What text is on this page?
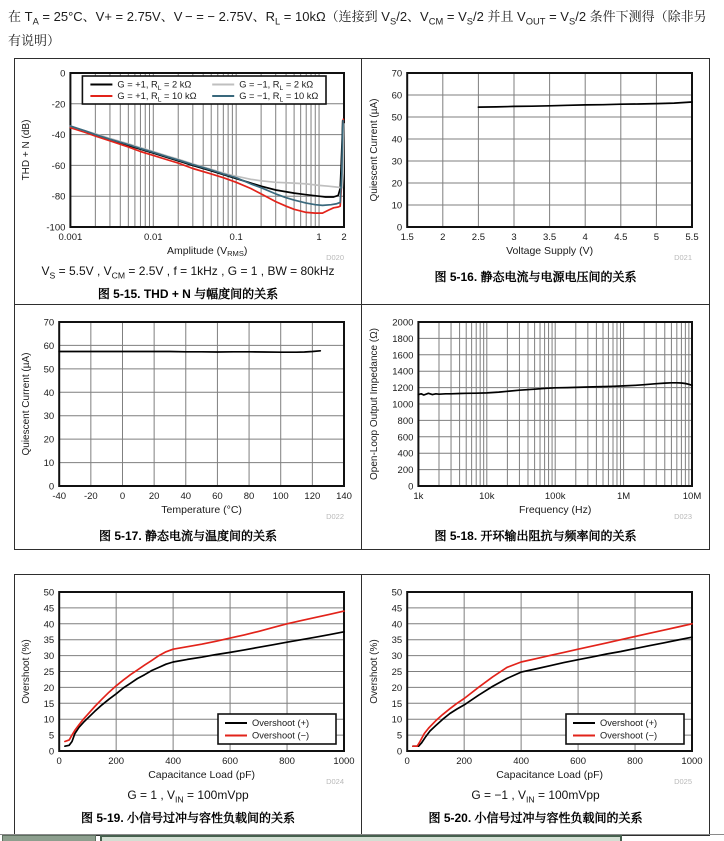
在 $T_A = 25^\circ C$、V+ = 2.75V、V − = − 2.75V、$R_L = 10k\Omega$（连接到 $V_S/2$、$V_{CM} = V_S/2$ 并且 $V_{OUT} = V_S/2$ 条件下测得（除非另有说明）

0
-20
-40
-60
-80
-100
0.001	0.01	0.1	1 2
Amplitude $(V_{RMS})$
THD + N (dB)
D020
G = +1, $R_L = 2$ kΩ
G = +1, $R_L = 10$ kΩ
G = −1, $R_L = 2$ kΩ
G = −1, $R_L = 10$ kΩ
$V_S = 5.5V$ , $V_{CM} = 2.5V$ , f = 1kHz , G = 1 , BW = 80kHz
图 5-15. THD + N 与幅度间的关系
0
10
20
30
40
50
60
70
1.5	2	2.5	3	3.5	4	4.5	5	5.5
Voltage Supply (V)
Quiescent Current (µA)
D021
图 5-16. 静态电流与电源电压间的关系
0
10
20
30
40
50
60
70
-40 -20 0 20 40 60 80 100 120 140
Temperature (°C)
Quiescent Current (µA)
D022
图 5-17. 静态电流与温度间的关系
0
200
400
600
800
1000
1200
1400
1600
1800
2000
1k	10k	100k	1M	10M
Frequency (Hz)
Open-Loop Output Impedance (Ω)
D023
图 5-18. 开环输出阻抗与频率间的关系
0
5
10
15
20
25
30
35
40
45
50
0	200	400	600	800	1000
Capacitance Load (pF)
Overshoot (%)
D024
Overshoot (+)
Overshoot (−)
G = 1 , $V_{IN}$ = 100mVpp
图 5-19. 小信号过冲与容性负载间的关系
0
5
10
15
20
25
30
35
40
45
50
0	200	400	600	800	1000
Capacitance Load (pF)
Overshoot (%)
D025
Overshoot (+)
Overshoot (−)
G = −1 , $V_{IN}$ = 100mVpp
图 5-20. 小信号过冲与容性负载间的关系
